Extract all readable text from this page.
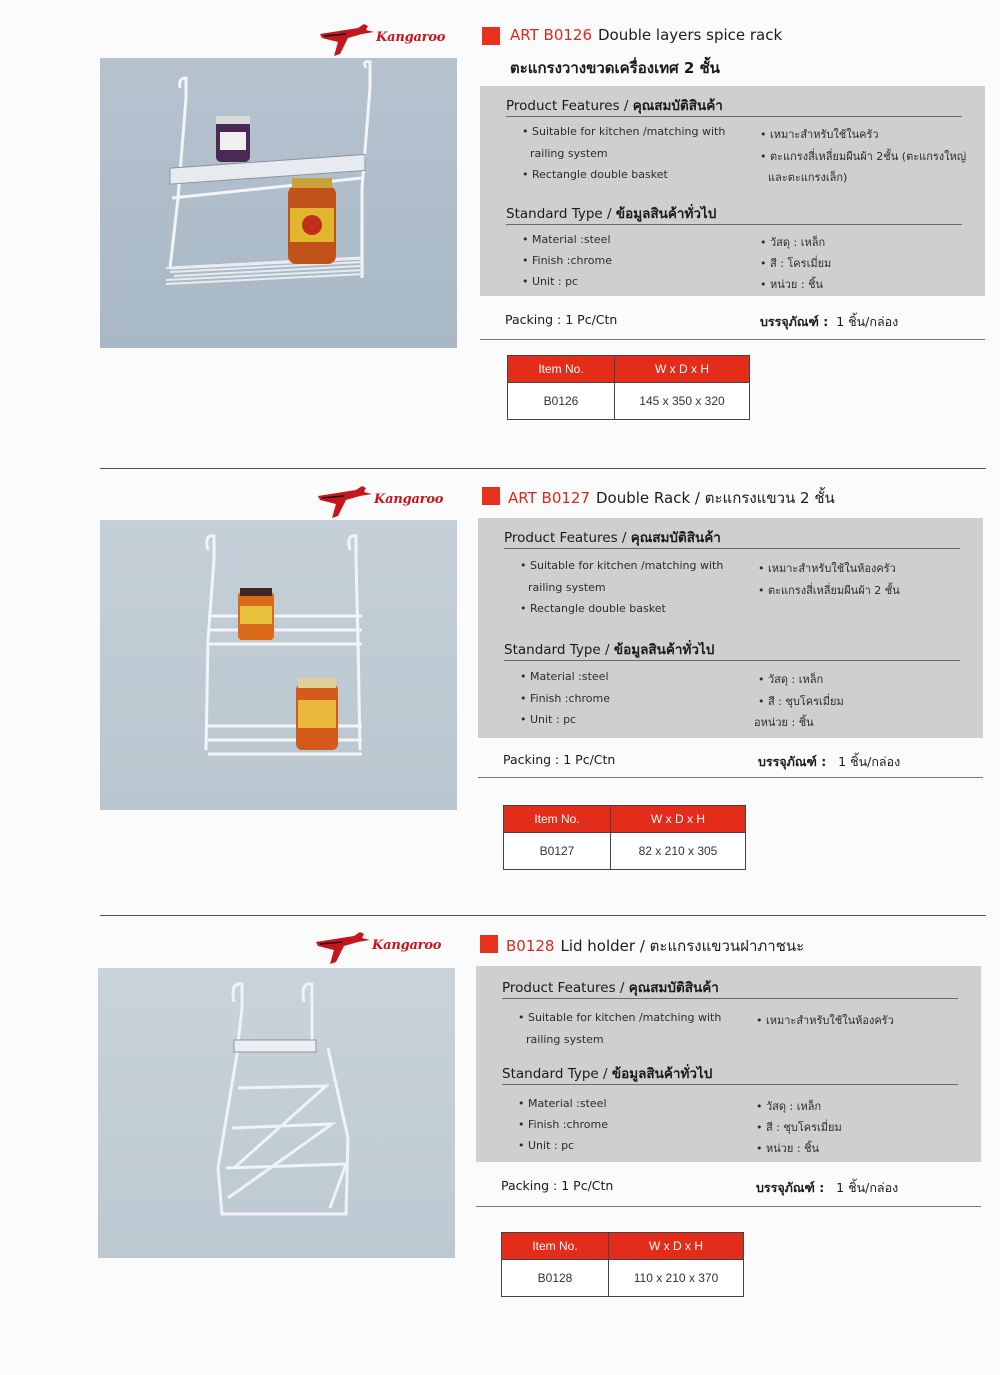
Kangaroo	ART B0126 Double layers spice rack
ตะแกรงวางขวดเครื่องเทศ 2 ชั้น
Product Features / คุณสมบัติสินค้า
• Suitable for kitchen /matching with
railing system
• Rectangle double basket
• เหมาะสำหรับใช้ในครัว
• ตะแกรงสี่เหลี่ยมผืนผ้า 2ชั้น (ตะแกรงใหญ่
และตะแกรงเล็ก)
Standard Type / ข้อมูลสินค้าทั่วไป
• Material :steel
• Finish :chrome
• Unit : pc
• วัสดุ : เหล็ก
• สี : โครเมี่ยม
• หน่วย : ชิ้น
Packing : 1 Pc/Ctn	บรรจุภัณฑ์ : 1 ชิ้น/กล่อง
Item No.	W x D x H
B0126	145 x 350 x 320
Kangaroo	ART B0127 Double Rack / ตะแกรงแขวน 2 ชั้น
Product Features / คุณสมบัติสินค้า
• Suitable for kitchen /matching with
railing system
• Rectangle double basket
• เหมาะสำหรับใช้ในห้องครัว
• ตะแกรงสี่เหลี่ยมผืนผ้า 2 ชั้น
Standard Type / ข้อมูลสินค้าทั่วไป
• Material :steel
• Finish :chrome
• Unit : pc
• วัสดุ : เหล็ก
• สี : ชุบโครเมี่ยม
อหน่วย : ชิ้น
Packing : 1 Pc/Ctn	บรรจุภัณฑ์ : 1 ชิ้น/กล่อง
Item No.	W x D x H
B0127	82 x 210 x 305
Kangaroo	B0128 Lid holder / ตะแกรงแขวนฝาภาชนะ
Product Features / คุณสมบัติสินค้า
• Suitable for kitchen /matching with
railing system
• เหมาะสำหรับใช้ในห้องครัว
Standard Type / ข้อมูลสินค้าทั่วไป
• Material :steel
• Finish :chrome
• Unit : pc
• วัสดุ : เหล็ก
• สี : ชุบโครเมี่ยม
• หน่วย : ชิ้น
Packing : 1 Pc/Ctn	บรรจุภัณฑ์ : 1 ชิ้น/กล่อง
Item No.	W x D x H
B0128	110 x 210 x 370
